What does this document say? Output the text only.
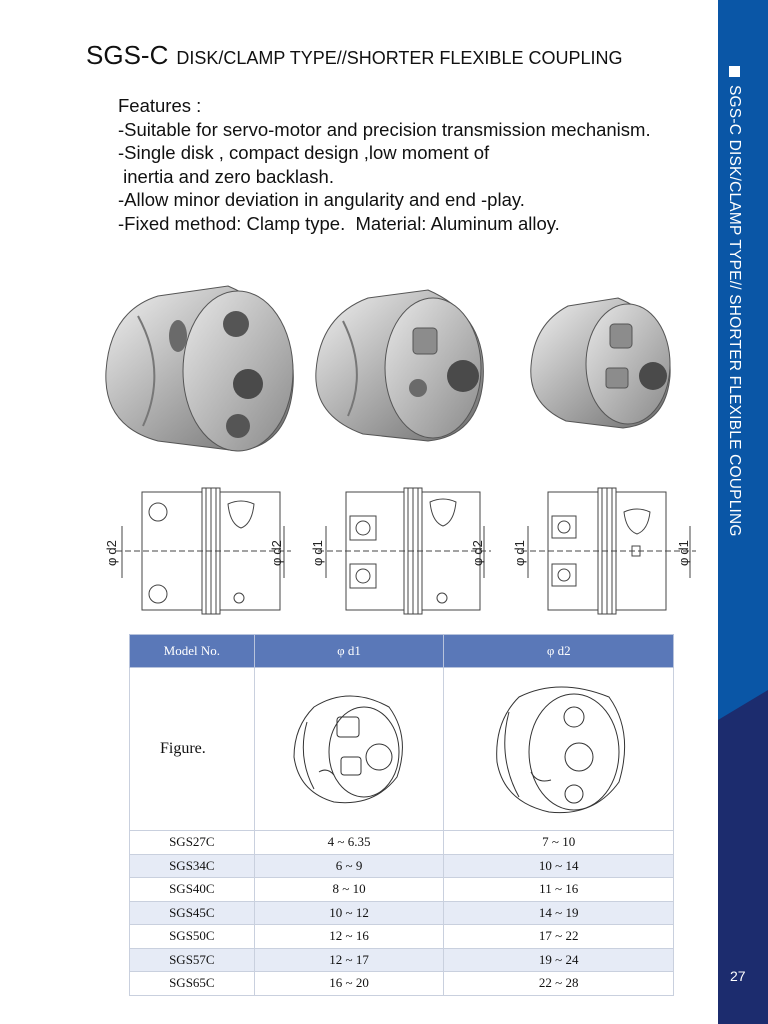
SGS-C DISK/CLAMP TYPE// SHORTER FLEXIBLE COUPLING
27
SGS-C DISK/CLAMP TYPE//SHORTER FLEXIBLE COUPLING
Features :
-Suitable for servo-motor and precision transmission mechanism.
-Single disk , compact design ,low moment of
inertia and zero backlash.
-Allow minor deviation in angularity and end -play.
-Fixed method: Clamp type.  Material: Aluminum alloy.
φd2
φd2
φd1
φd2
φd1
φd1
Model No.	φ d1	φ d2
Figure.		
SGS27C	4 ~ 6.35	7 ~ 10
SGS34C	6 ~ 9	10 ~ 14
SGS40C	8 ~ 10	11 ~ 16
SGS45C	10 ~ 12	14 ~ 19
SGS50C	12 ~ 16	17 ~ 22
SGS57C	12 ~ 17	19 ~ 24
SGS65C	16 ~ 20	22 ~ 28
